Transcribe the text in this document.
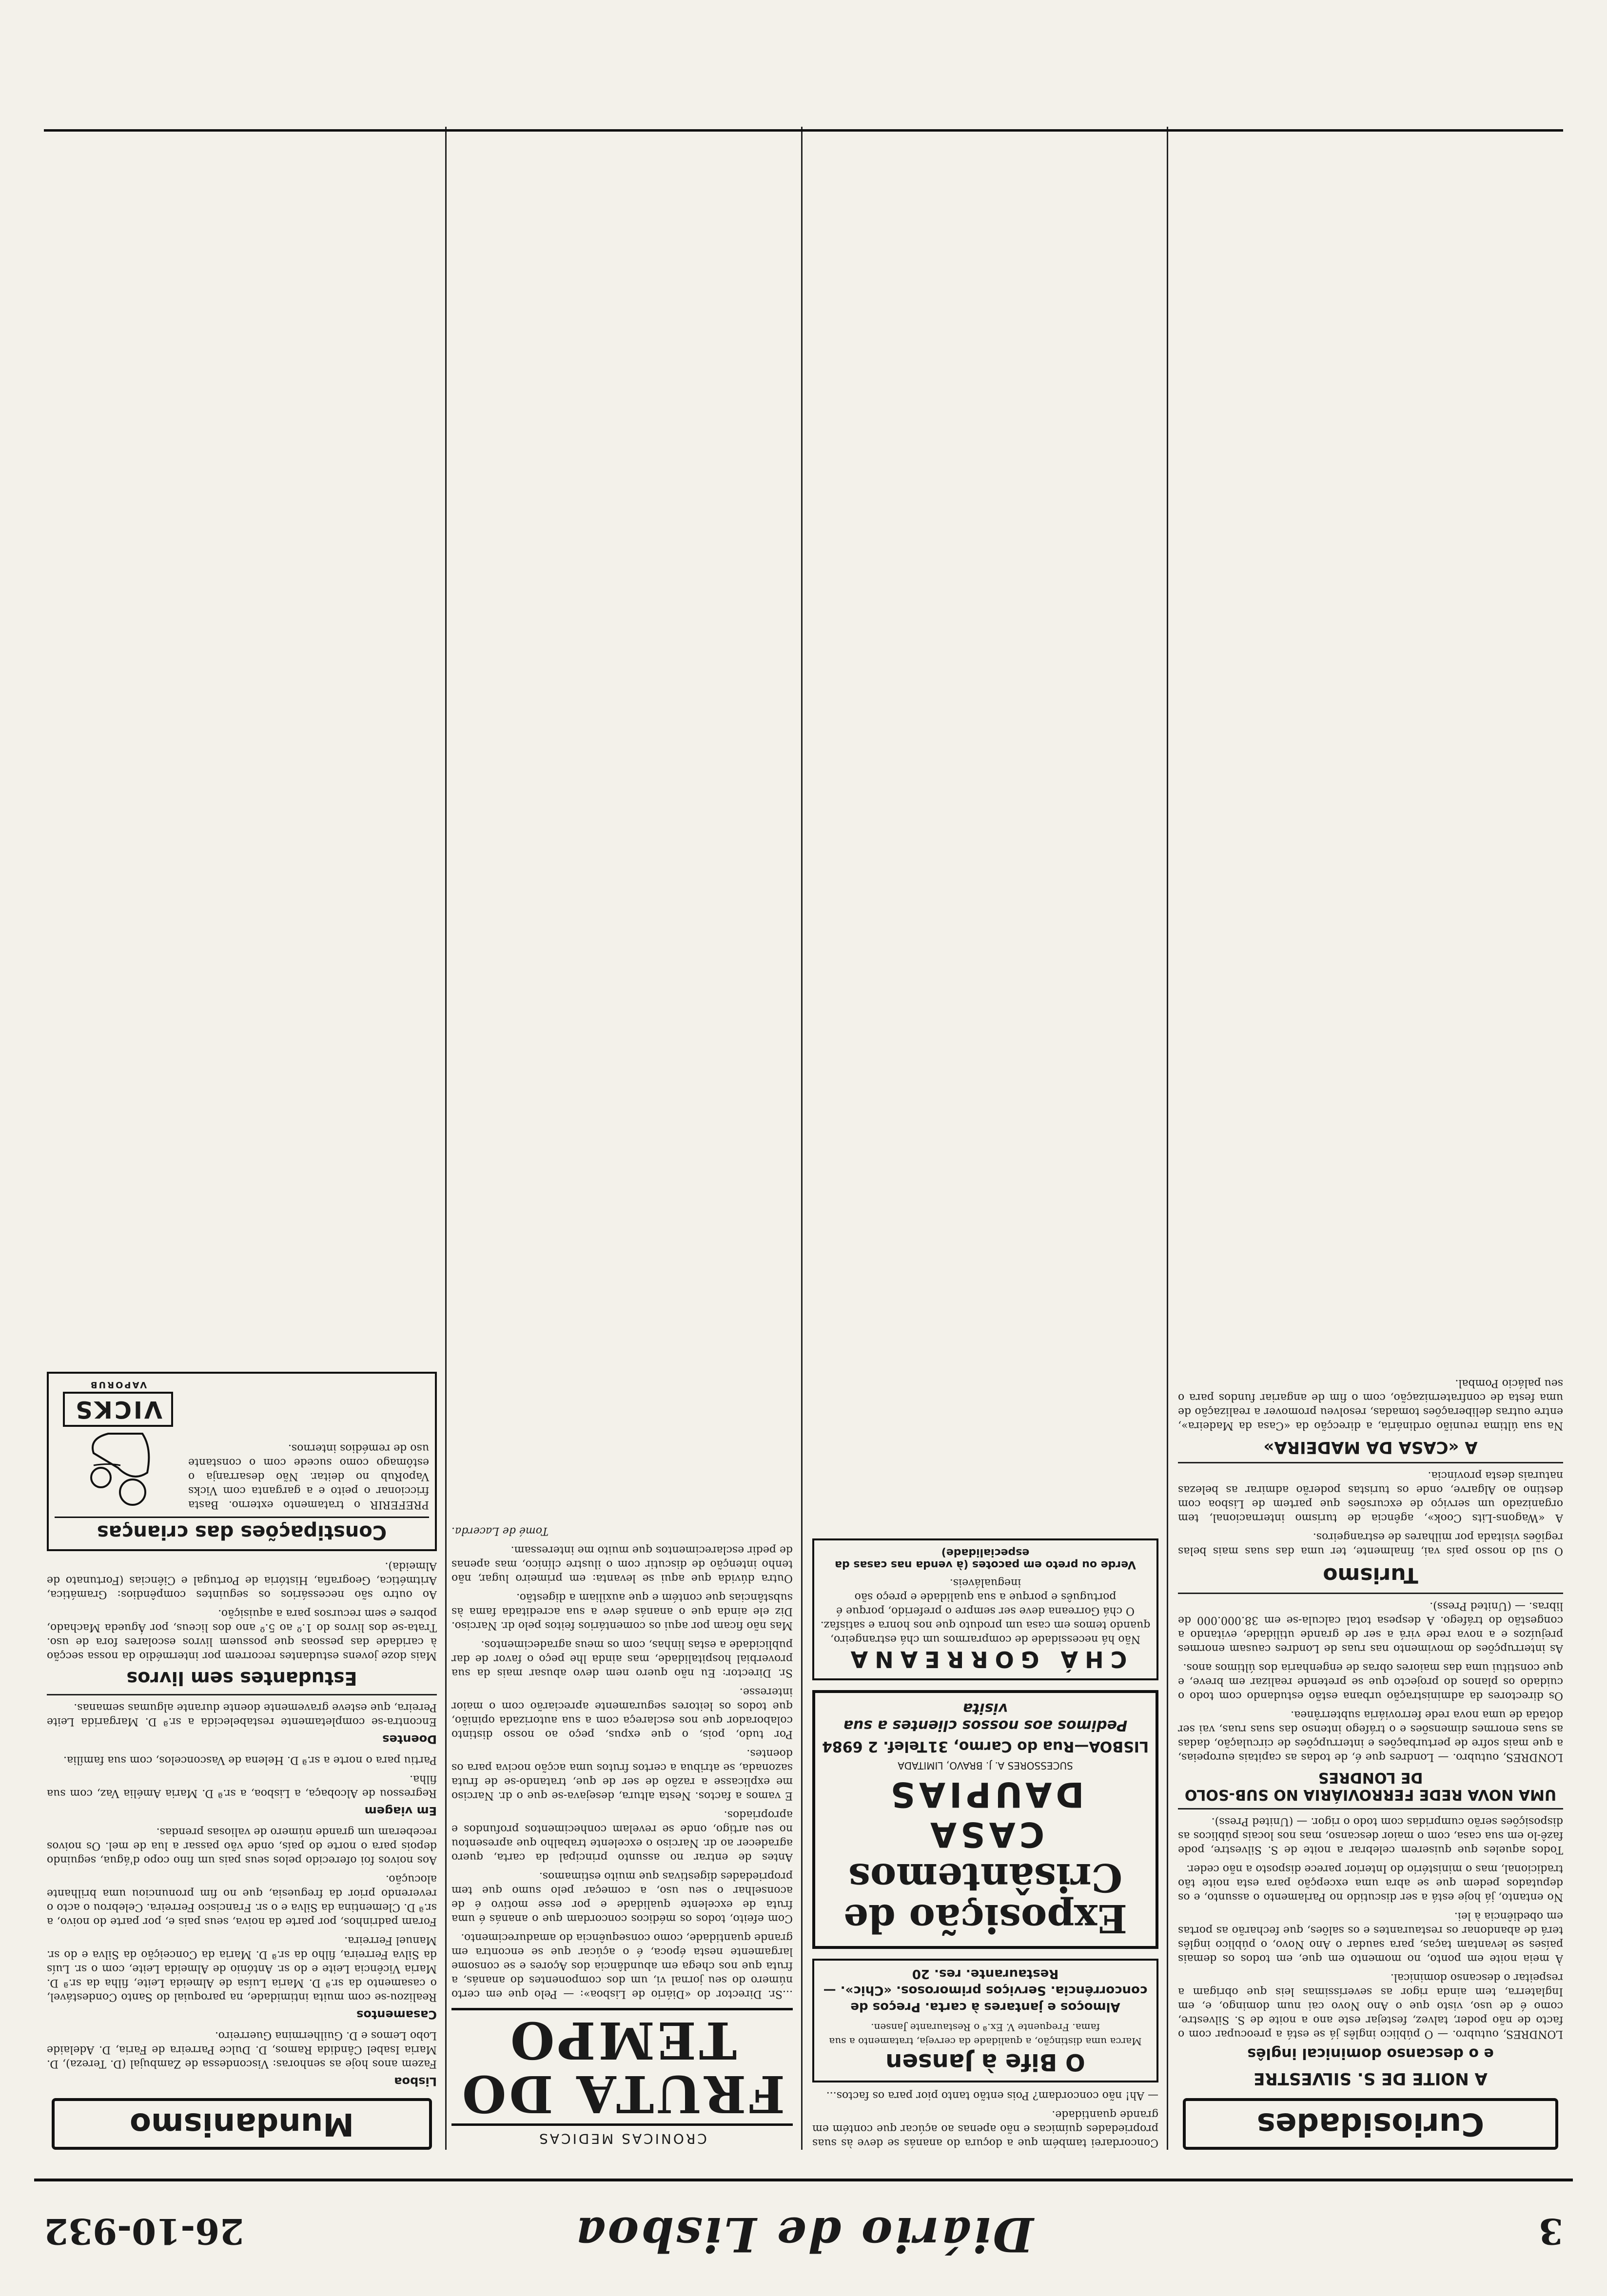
3
Diário de Lisboa
26-10-932
Curiosidades
A NOITE DE S. SILVESTRE
e o descanso dominical inglês

LONDRES, outubro. — O público inglês já se está a preocupar com o facto de não poder, talvez, festejar este ano a noite de S. Silvestre, como é de uso, visto que o Ano Novo cai num domingo, e, em Inglaterra, tem ainda rigor as severíssimas leis que obrigam a respeitar o descanso dominical.

À meia noite em ponto, no momento em que, em todos os demais países se levantam taças, para saudar o Ano Novo, o público inglês terá de abandonar os restaurantes e os salões, que fecharão as portas em obediência à lei.

No entanto, já hoje está a ser discutido no Parlamento o assunto, e os deputados pedem que se abra uma excepção para esta noite tão tradicional, mas o ministério do Interior parece disposto a não ceder.

Todos aqueles que quiserem celebrar a noite de S. Silvestre, pode fazê-lo em sua casa, com o maior descanso, mas nos locais públicos as disposições serão cumpridas com todo o rigor. — (United Press).

UMA NOVA REDE FERROVIÁRIA NO SUB-SOLO DE LONDRES

LONDRES, outubro. — Londres que é, de todas as capitais europeias, a que mais sofre de perturbações e interrupções de circulação, dadas as suas enormes dimensões e o tráfego intenso das suas ruas, vai ser dotada de uma nova rede ferroviária subterrânea.

Os directores da administração urbana estão estudando com todo o cuidado os planos do projecto que se pretende realizar em breve, e que constitui uma das maiores obras de engenharia dos últimos anos.

As interrupções do movimento nas ruas de Londres causam enormes prejuízos e a nova rede virá a ser de grande utilidade, evitando a congestão do tráfego. A despesa total calcula-se em 38.000.000 de libras. — (United Press).

Turismo

O sul do nosso país vai, finalmente, ter uma das suas mais belas regiões visitada por milhares de estrangeiros.

A «Wagons-Lits Cook», agência de turismo internacional, tem organizado um serviço de excursões que partem de Lisboa com destino ao Algarve, onde os turistas poderão admirar as belezas naturais desta província.

A «CASA DA MADEIRA»

Na sua última reunião ordinária, a direcção da «Casa da Madeira», entre outras deliberações tomadas, resolveu promover a realização de uma festa de confraternização, com o fim de angariar fundos para o seu palácio Pombal.

Concordarei também que a doçura do ananás se deve às suas propriedades químicas e não apenas ao açúcar que contém em grande quantidade.

— Ah! não concordam? Pois então tanto pior para os factos...

O Bife à Jansen

Marca uma distinção, a qualidade da cerveja, tratamento a sua fama. Frequente V. Ex.ª o Restaurante Jansen.

Almoços e jantares à carta. Preços de concorrência. Serviços primorosos. «Chic». — Restaurante. res. 20
Exposição de Crisântemos
CASA DAUPIAS
SUCESSORES A. J. BRAVO, LIMITADA
LISBOA—Rua do Carmo, 31
Telef. 2 6984
Pedimos aos nossos clientes a sua visita
CHÁ GORREANA

Não há necessidade de comprarmos um chá estrangeiro, quando temos em casa um produto que nos honra e satisfaz. O chá Gorreana deve ser sempre o preferido, porque é português e porque a sua qualidade e preço são inegualáveis.

Verde ou preto em pacotes (à venda nas casas da especialidade)
CRONICAS MEDICAS
FRUTA DO TEMPO

...Sr. Director do «Diário de Lisboa»: — Pelo que em certo número do seu jornal vi, um dos componentes do ananás, a fruta que nos chega em abundância dos Açores e se consome largamente nesta época, é o açúcar que se encontra em grande quantidade, como consequência do amadurecimento.

Com efeito, todos os médicos concordam que o ananás é uma fruta de excelente qualidade e por esse motivo é de aconselhar o seu uso, a começar pelo sumo que tem propriedades digestivas que muito estimamos.

Antes de entrar no assunto principal da carta, quero agradecer ao dr. Narciso o excelente trabalho que apresentou no seu artigo, onde se revelam conhecimentos profundos e apropriados.

E vamos a factos. Nesta altura, desejava-se que o dr. Narciso me explicasse a razão de ser de que, tratando-se de fruta sazonada, se atribua a certos frutos uma acção nociva para os doentes.

Por tudo, pois, o que expus, peço ao nosso distinto colaborador que nos esclareça com a sua autorizada opinião, que todos os leitores seguramente apreciarão com o maior interesse.

Sr. Director: Eu não quero nem devo abusar mais da sua proverbial hospitalidade, mas ainda lhe peço o favor de dar publicidade a estas linhas, com os meus agradecimentos.

Mas não ficam por aqui os comentários feitos pelo dr. Narciso. Diz ele ainda que o ananás deve a sua acreditada fama às substâncias que contém e que auxiliam a digestão.

Outra dúvida que aqui se levanta: em primeiro lugar, não tenho intenção de discutir com o ilustre clínico, mas apenas de pedir esclarecimentos que muito me interessam.

Tomé de Lacerda.

Mundanismo
Lisboa

Fazem anos hoje as senhoras: Viscondessa de Zambujal (D. Tereza), D. Maria Isabel Cândida Ramos, D. Dulce Parreira de Faria, D. Adelaide Lobo Lemos e D. Guilhermina Guerreiro.

Casamentos

Realizou-se com muita intimidade, na paroquial do Santo Condestável, o casamento da sr.ª D. Maria Luísa de Almeida Leite, filha da sr.ª D. Maria Vicência Leite e do sr. António de Almeida Leite, com o sr. Luís da Silva Ferreira, filho da sr.ª D. Maria da Conceição da Silva e do sr. Manuel Ferreira.

Foram padrinhos, por parte da noiva, seus pais e, por parte do noivo, a sr.ª D. Clementina da Silva e o sr. Francisco Ferreira. Celebrou o acto o reverendo prior da freguesia, que no fim pronunciou uma brilhante alocução.

Aos noivos foi oferecido pelos seus pais um fino copo d'água, seguindo depois para o norte do país, onde vão passar a lua de mel. Os noivos receberam um grande número de valiosas prendas.

Em viagem

Regressou de Alcobaça, a Lisboa, a sr.ª D. Maria Amélia Vaz, com sua filha.

Partiu para o norte a sr.ª D. Helena de Vasconcelos, com sua família.

Doentes

Encontra-se completamente restabelecida a sr.ª D. Margarida Leite Pereira, que esteve gravemente doente durante algumas semanas.

Estudantes sem livros

Mais doze jovens estudantes recorrem por intermédio da nossa secção à caridade das pessoas que possuem livros escolares fora de uso. Trata-se dos livros do 1.º ao 5.º ano dos liceus, por Águeda Machado, pobres e sem recursos para a aquisição.

Ao outro são necessários os seguintes compêndios: Gramática, Aritmética, Geografia, História de Portugal e Ciências (Fortunato de Almeida).

Constipações das crianças

PREFERIR o tratamento externo. Basta friccionar o peito e a garganta com Vicks VapoRub no deitar. Não desarranja o estômago como sucede com o constante uso de remédios internos.

VICKS
VAPORUB
